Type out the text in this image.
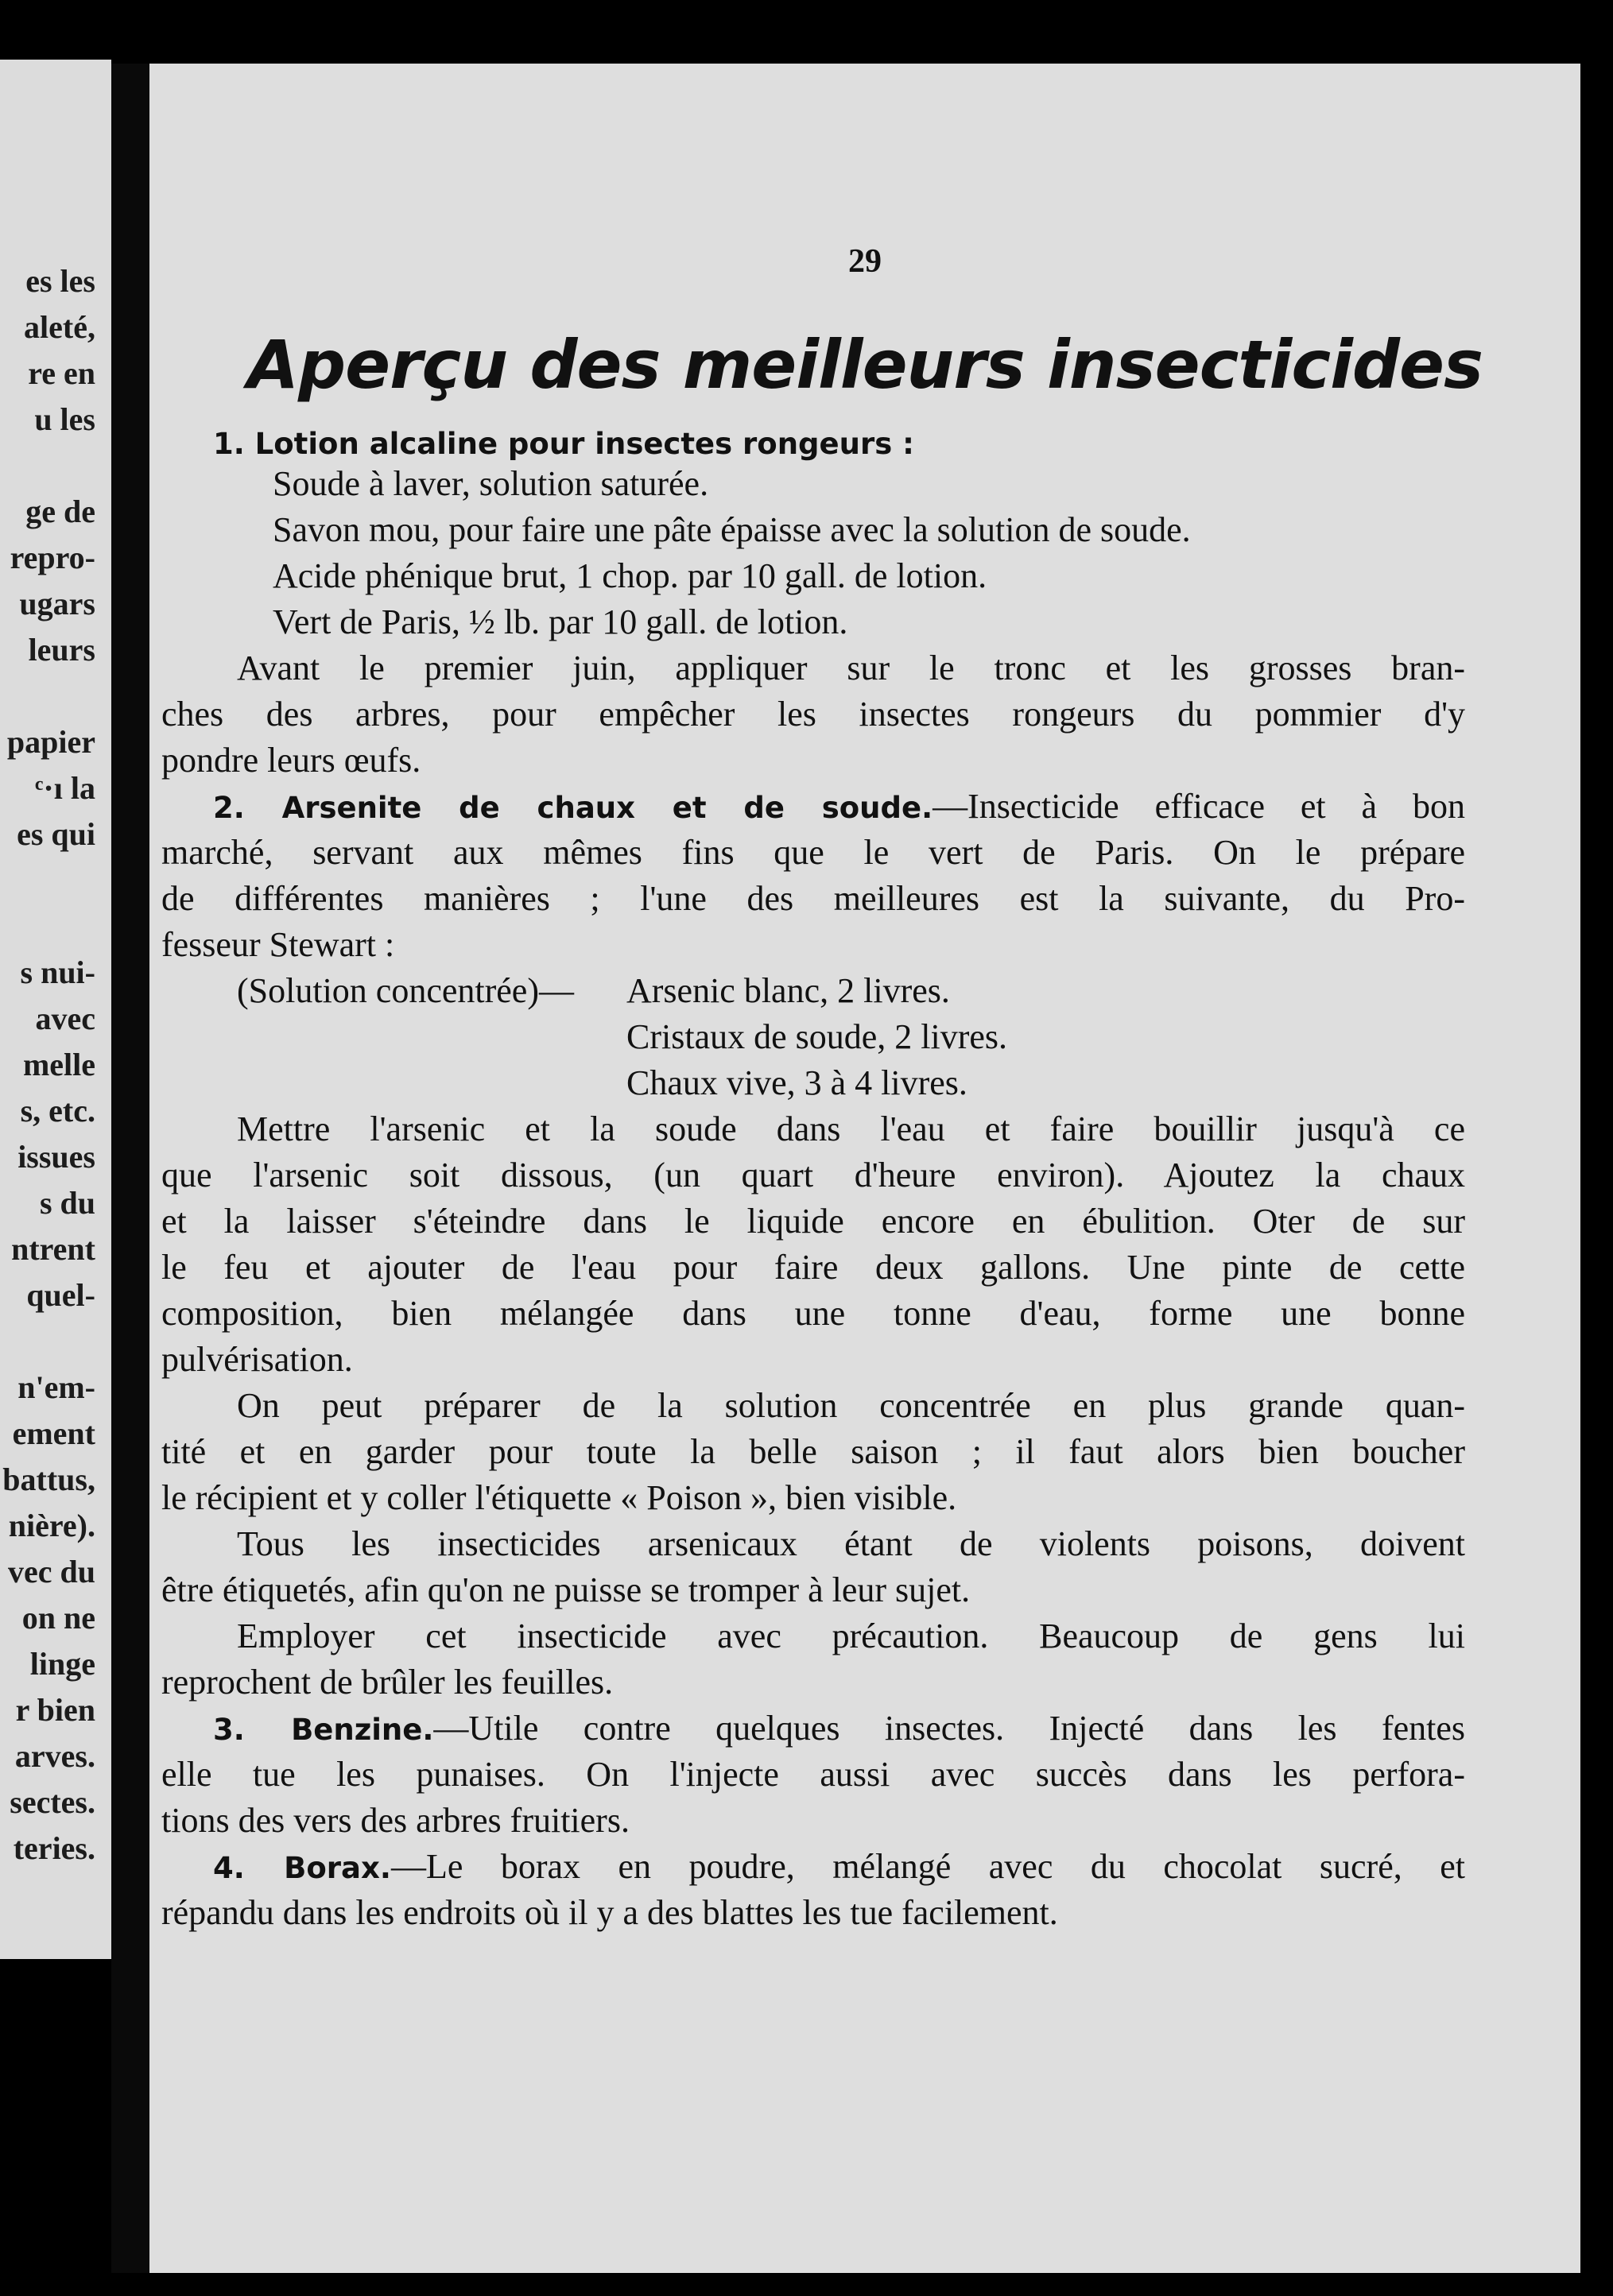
es les
aleté,
re en
u les
ge de
repro-
ugars
leurs
papier
ᶜ·ı la
es qui
s nui-
avec
melle
s, etc.
issues
s du
ntrent
quel-
n'em-
ement
battus,
nière).
vec du
on ne
linge
r bien
arves.
sectes.
teries.
29
Aperçu des meilleurs insecticides
1. Lotion alcaline pour insectes rongeurs :
Soude à laver, solution saturée.
Savon mou, pour faire une pâte épaisse avec la solution de soude.
Acide phénique brut, 1 chop. par 10 gall. de lotion.
Vert de Paris, ½ lb. par 10 gall. de lotion.
Avant le premier juin, appliquer sur le tronc et les grosses bran-
ches des arbres, pour empêcher les insectes rongeurs du pommier d'y
pondre leurs œufs.
2. Arsenite de chaux et de soude.—Insecticide efficace et à bon
marché, servant aux mêmes fins que le vert de Paris. On le prépare
de différentes manières ; l'une des meilleures est la suivante, du Pro-
fesseur Stewart :
(Solution concentrée)— Arsenic blanc, 2 livres.
Cristaux de soude, 2 livres.
Chaux vive, 3 à 4 livres.
Mettre l'arsenic et la soude dans l'eau et faire bouillir jusqu'à ce
que l'arsenic soit dissous, (un quart d'heure environ). Ajoutez la chaux
et la laisser s'éteindre dans le liquide encore en ébulition. Oter de sur
le feu et ajouter de l'eau pour faire deux gallons. Une pinte de cette
composition, bien mélangée dans une tonne d'eau, forme une bonne
pulvérisation.
On peut préparer de la solution concentrée en plus grande quan-
tité et en garder pour toute la belle saison ; il faut alors bien boucher
le récipient et y coller l'étiquette « Poison », bien visible.
Tous les insecticides arsenicaux étant de violents poisons, doivent
être étiquetés, afin qu'on ne puisse se tromper à leur sujet.
Employer cet insecticide avec précaution. Beaucoup de gens lui
reprochent de brûler les feuilles.
3. Benzine.—Utile contre quelques insectes. Injecté dans les fentes
elle tue les punaises. On l'injecte aussi avec succès dans les perfora-
tions des vers des arbres fruitiers.
4. Borax.—Le borax en poudre, mélangé avec du chocolat sucré, et
répandu dans les endroits où il y a des blattes les tue facilement.
